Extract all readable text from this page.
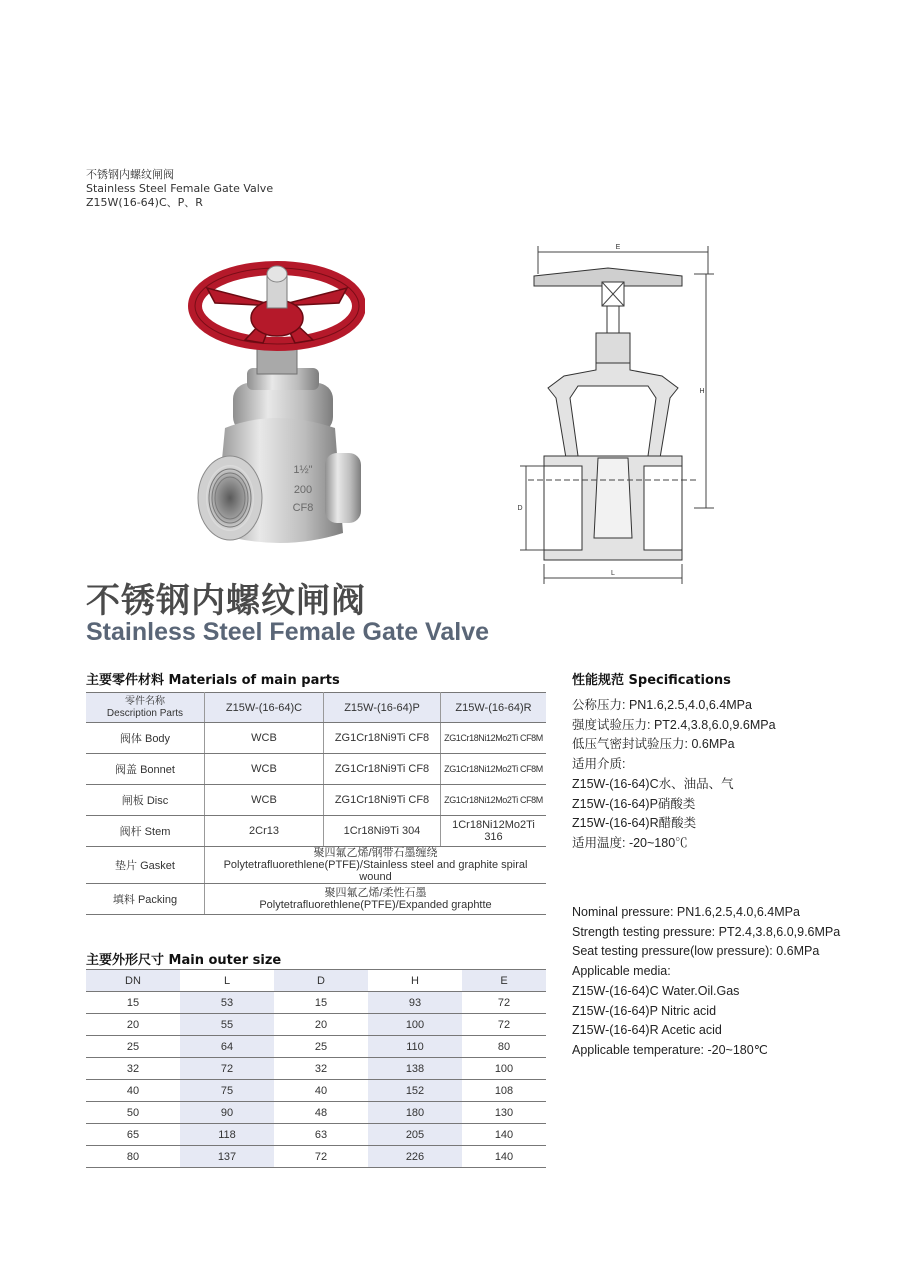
不锈钢内螺纹闸阀
Stainless Steel Female Gate Valve
Z15W(16-64)C、P、R
1½"
200
CF8
E
H
D
L
不锈钢内螺纹闸阀
Stainless Steel Female Gate Valve
主要零件材料 Materials of main parts
零件名称
Description Parts	Z15W-(16-64)C	Z15W-(16-64)P	Z15W-(16-64)R
阀体 Body	WCB	ZG1Cr18Ni9Ti CF8	ZG1Cr18Ni12Mo2Ti CF8M
阀盖 Bonnet	WCB	ZG1Cr18Ni9Ti CF8	ZG1Cr18Ni12Mo2Ti CF8M
闸板 Disc	WCB	ZG1Cr18Ni9Ti CF8	ZG1Cr18Ni12Mo2Ti CF8M
阀杆 Stem	2Cr13	1Cr18Ni9Ti 304	1Cr18Ni12Mo2Ti 316
垫片 Gasket	聚四氟乙烯/钢带石墨缠绕
Polytetrafluorethlene(PTFE)/Stainless steel and graphite spiral wound		

填料 Packing	聚四氟乙烯/柔性石墨
Polytetrafluorethlene(PTFE)/Expanded graphtte		
主要外形尺寸 Main outer size
DN	L	D	H	E
15	53	15	93	72
20	55	20	100	72
25	64	25	110	80
32	72	32	138	100
40	75	40	152	108
50	90	48	180	130
65	118	63	205	140
80	137	72	226	140
性能规范 Specifications
公称压力: PN1.6,2.5,4.0,6.4MPa
强度试验压力: PT2.4,3.8,6.0,9.6MPa
低压气密封试验压力: 0.6MPa
适用介质:
Z15W-(16-64)C水、油品、气
Z15W-(16-64)P硝酸类
Z15W-(16-64)R醋酸类
适用温度: -20~180℃
Nominal pressure: PN1.6,2.5,4.0,6.4MPa
Strength testing pressure: PT2.4,3.8,6.0,9.6MPa
Seat testing pressure(low pressure): 0.6MPa
Applicable media:
Z15W-(16-64)C Water.Oil.Gas
Z15W-(16-64)P Nitric acid
Z15W-(16-64)R Acetic acid
Applicable temperature: -20~180℃
